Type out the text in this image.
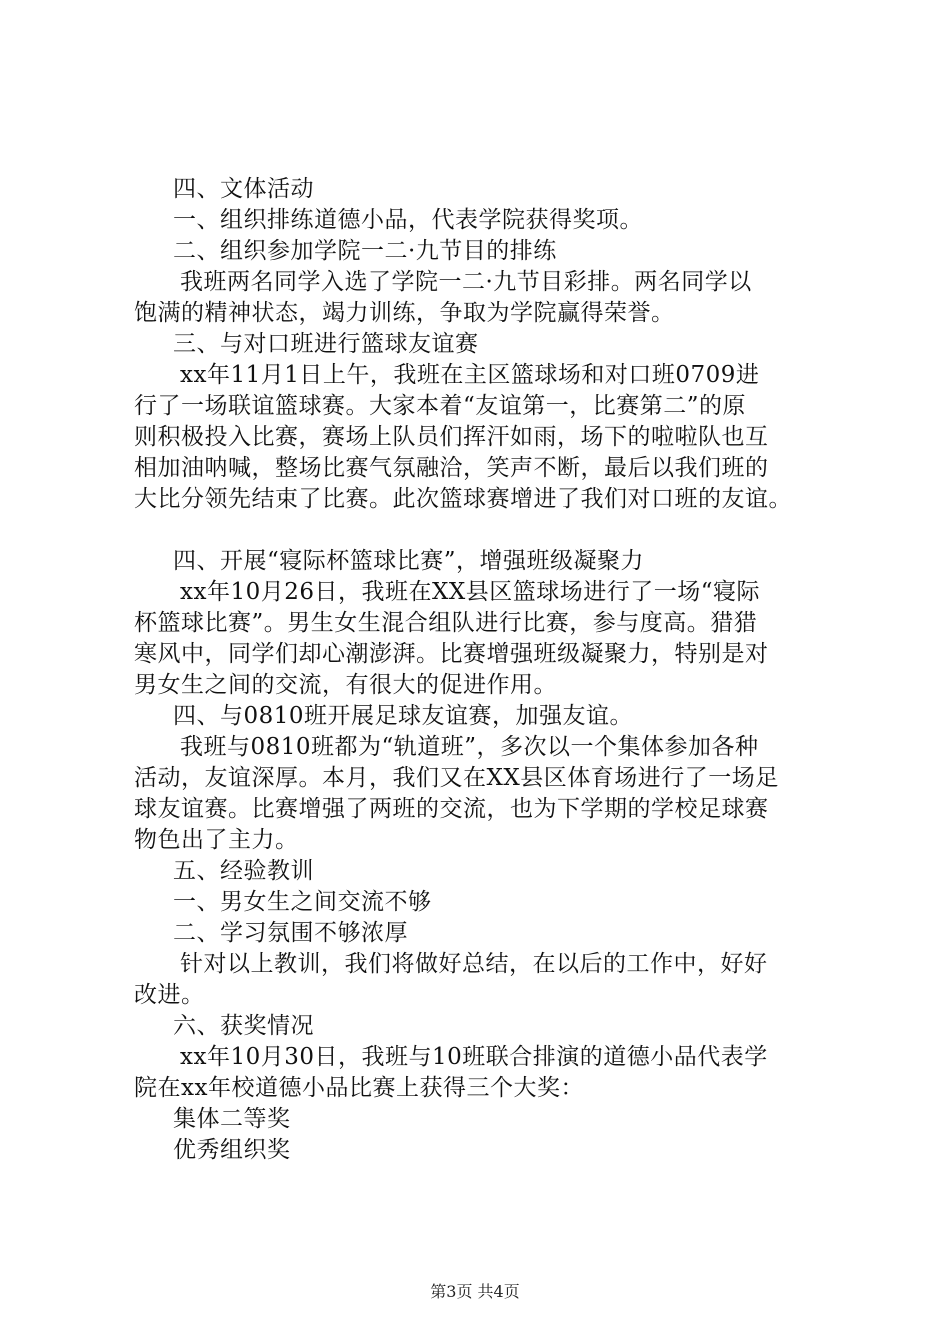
四、文体活动
一、组织排练道德小品，代表学院获得奖项。
二、组织参加学院一二·九节目的排练
我班两名同学入选了学院一二·九节目彩排。两名同学以
饱满的精神状态，竭力训练，争取为学院赢得荣誉。
三、与对口班进行篮球友谊赛
xx年11月1日上午，我班在主区篮球场和对口班0709进
行了一场联谊篮球赛。大家本着“友谊第一，比赛第二”的原
则积极投入比赛，赛场上队员们挥汗如雨，场下的啦啦队也互
相加油呐喊，整场比赛气氛融洽，笑声不断，最后以我们班的
大比分领先结束了比赛。此次篮球赛增进了我们对口班的友谊。
四、开展“寝际杯篮球比赛”，增强班级凝聚力
xx年10月26日，我班在XX县区篮球场进行了一场“寝际
杯篮球比赛”。男生女生混合组队进行比赛，参与度高。猎猎
寒风中，同学们却心潮澎湃。比赛增强班级凝聚力，特别是对
男女生之间的交流，有很大的促进作用。
四、与0810班开展足球友谊赛，加强友谊。
我班与0810班都为“轨道班”，多次以一个集体参加各种
活动，友谊深厚。本月，我们又在XX县区体育场进行了一场足
球友谊赛。比赛增强了两班的交流，也为下学期的学校足球赛
物色出了主力。
五、经验教训
一、男女生之间交流不够
二、学习氛围不够浓厚
针对以上教训，我们将做好总结，在以后的工作中，好好
改进。
六、获奖情况
xx年10月30日，我班与10班联合排演的道德小品代表学
院在xx年校道德小品比赛上获得三个大奖：
集体二等奖
优秀组织奖
第3页 共4页
